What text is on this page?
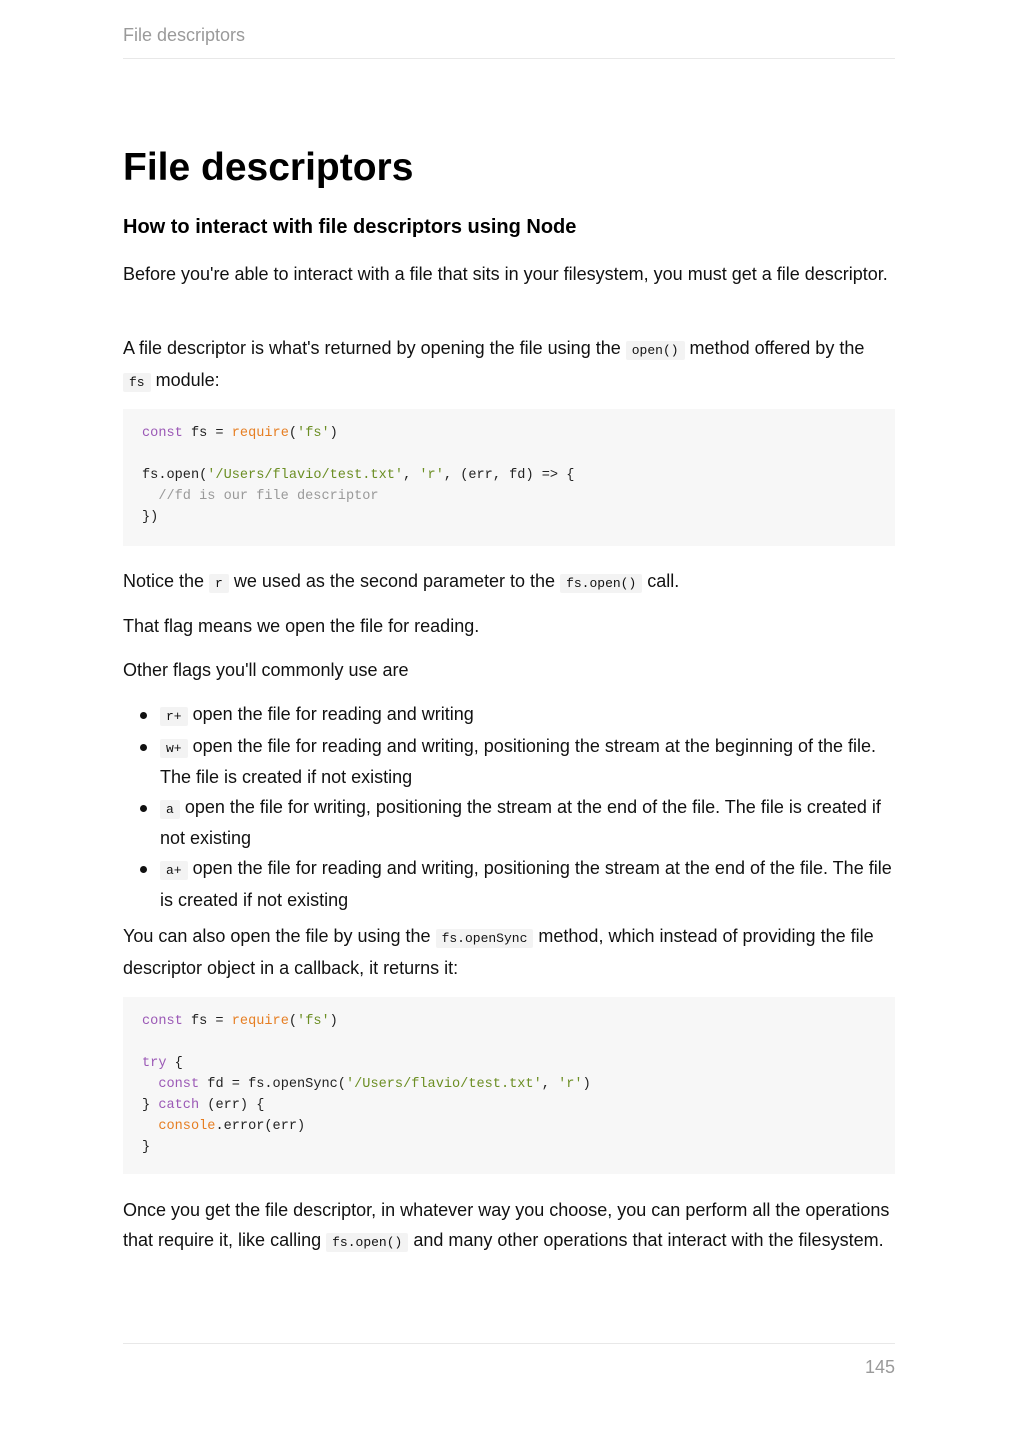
File descriptors
File descriptors
How to interact with file descriptors using Node

Before you're able to interact with a file that sits in your filesystem, you must get a file descriptor.

A file descriptor is what's returned by opening the file using the open() method offered by the fs module:

const fs = require('fs')

fs.open('/Users/flavio/test.txt', 'r', (err, fd) => {
//fd is our file descriptor
})

Notice the r we used as the second parameter to the fs.open() call.

That flag means we open the file for reading.

Other flags you'll commonly use are

r+ open the file for reading and writing
w+ open the file for reading and writing, positioning the stream at the beginning of the file. The file is created if not existing
a open the file for writing, positioning the stream at the end of the file. The file is created if not existing
a+ open the file for reading and writing, positioning the stream at the end of the file. The file is created if not existing

You can also open the file by using the fs.openSync method, which instead of providing the file descriptor object in a callback, it returns it:

const fs = require('fs')

try {
const fd = fs.openSync('/Users/flavio/test.txt', 'r')
} catch (err) {
console.error(err)
}

Once you get the file descriptor, in whatever way you choose, you can perform all the operations that require it, like calling fs.open() and many other operations that interact with the filesystem.

145
